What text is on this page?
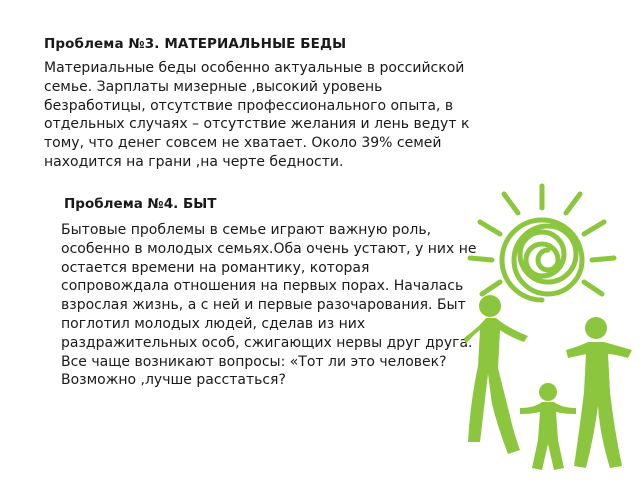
Проблема №3. МАТЕРИАЛЬНЫЕ БЕДЫ
Материальные беды особенно актуальные в российской семье. Зарплаты мизерные ,высокий уровень безработицы, отсутствие профессионального опыта, в отдельных случаях – отсутствие желания и лень ведут к тому, что денег совсем не хватает. Около 39% семей находится на грани ,на черте бедности.
Проблема №4. БЫТ
Бытовые проблемы в семье играют важную роль, особенно в молодых семьях.Оба очень устают, у них не остается времени на романтику, которая сопровождала отношения на первых порах. Началась взрослая жизнь, а с ней и первые разочарования. Быт поглотил молодых людей, сделав из них раздражительных особ, сжигающих нервы друг друга. Все чаще возникают вопросы: «Тот ли это человек? Возможно ,лучше расстаться?
